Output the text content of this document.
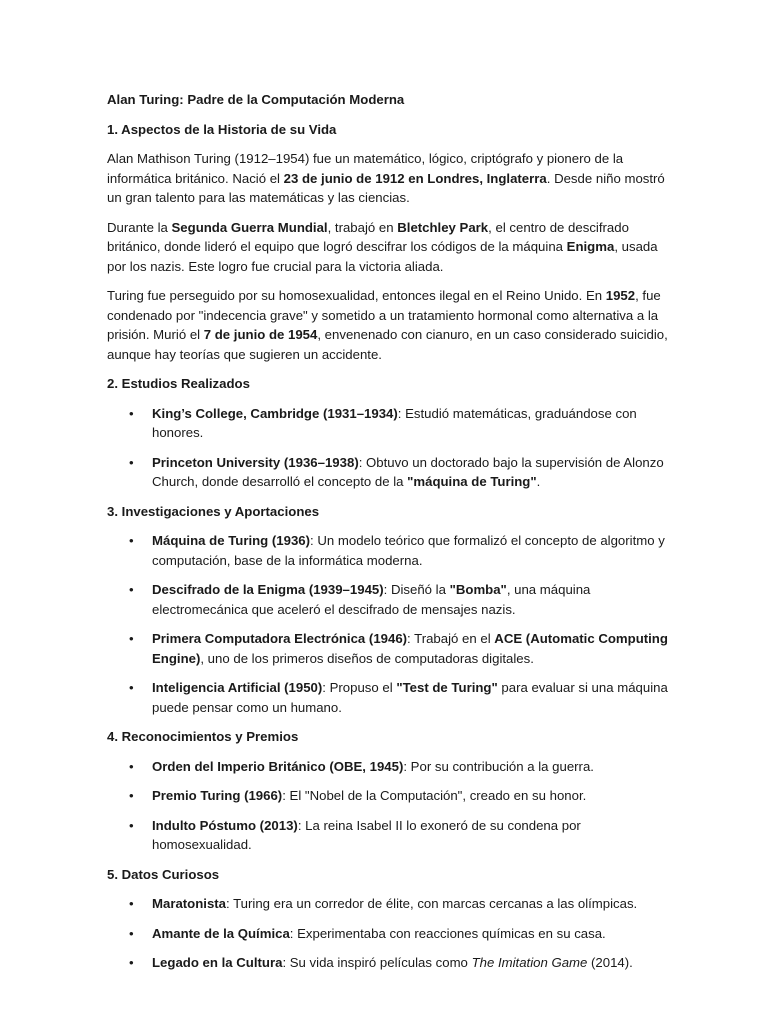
Alan Turing: Padre de la Computación Moderna
1. Aspectos de la Historia de su Vida

Alan Mathison Turing (1912–1954) fue un matemático, lógico, criptógrafo y pionero de la informática británico. Nació el 23 de junio de 1912 en Londres, Inglaterra. Desde niño mostró un gran talento para las matemáticas y las ciencias.

Durante la Segunda Guerra Mundial, trabajó en Bletchley Park, el centro de descifrado británico, donde lideró el equipo que logró descifrar los códigos de la máquina Enigma, usada por los nazis. Este logro fue crucial para la victoria aliada.

Turing fue perseguido por su homosexualidad, entonces ilegal en el Reino Unido. En 1952, fue condenado por "indecencia grave" y sometido a un tratamiento hormonal como alternativa a la prisión. Murió el 7 de junio de 1954, envenenado con cianuro, en un caso considerado suicidio, aunque hay teorías que sugieren un accidente.

2. Estudios Realizados
• King’s College, Cambridge (1931–1934): Estudió matemáticas, graduándose con honores.
• Princeton University (1936–1938): Obtuvo un doctorado bajo la supervisión de Alonzo Church, donde desarrolló el concepto de la "máquina de Turing".
3. Investigaciones y Aportaciones
• Máquina de Turing (1936): Un modelo teórico que formalizó el concepto de algoritmo y computación, base de la informática moderna.
• Descifrado de la Enigma (1939–1945): Diseñó la "Bomba", una máquina electromecánica que aceleró el descifrado de mensajes nazis.
• Primera Computadora Electrónica (1946): Trabajó en el ACE (Automatic Computing Engine), uno de los primeros diseños de computadoras digitales.
• Inteligencia Artificial (1950): Propuso el "Test de Turing" para evaluar si una máquina puede pensar como un humano.
4. Reconocimientos y Premios
• Orden del Imperio Británico (OBE, 1945): Por su contribución a la guerra.
• Premio Turing (1966): El "Nobel de la Computación", creado en su honor.
• Indulto Póstumo (2013): La reina Isabel II lo exoneró de su condena por homosexualidad.
5. Datos Curiosos
• Maratonista: Turing era un corredor de élite, con marcas cercanas a las olímpicas.
• Amante de la Química: Experimentaba con reacciones químicas en su casa.
• Legado en la Cultura: Su vida inspiró películas como The Imitation Game (2014).
